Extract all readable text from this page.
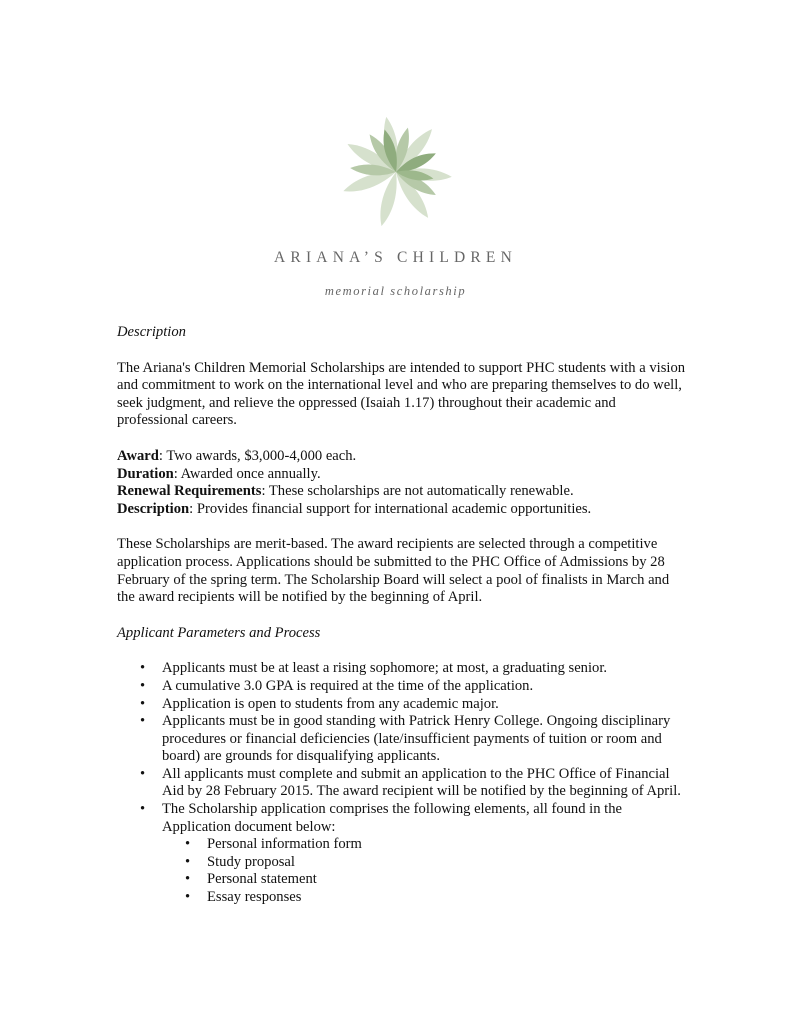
ARIANA’S CHILDREN
memorial scholarship

Description

The Ariana's Children Memorial Scholarships are intended to support PHC students with a vision and commitment to work on the international level and who are preparing themselves to do well, seek judgment, and relieve the oppressed (Isaiah 1.17) throughout their academic and professional careers.

Award: Two awards, $3,000-4,000 each.

Duration: Awarded once annually.

Renewal Requirements: These scholarships are not automatically renewable.

Description: Provides financial support for international academic opportunities.

These Scholarships are merit-based. The award recipients are selected through a competitive application process. Applications should be submitted to the PHC Office of Admissions by 28 February of the spring term. The Scholarship Board will select a pool of finalists in March and the award recipients will be notified by the beginning of April.

Applicant Parameters and Process

• Applicants must be at least a rising sophomore; at most, a graduating senior.
• A cumulative 3.0 GPA is required at the time of the application.
• Application is open to students from any academic major.
• Applicants must be in good standing with Patrick Henry College. Ongoing disciplinary procedures or financial deficiencies (late/insufficient payments of tuition or room and board) are grounds for disqualifying applicants.
• All applicants must complete and submit an application to the PHC Office of Financial Aid by 28 February 2015. The award recipient will be notified by the beginning of April.
• The Scholarship application comprises the following elements, all found in the Application document below:
• Personal information form
• Study proposal
• Personal statement
• Essay responses
